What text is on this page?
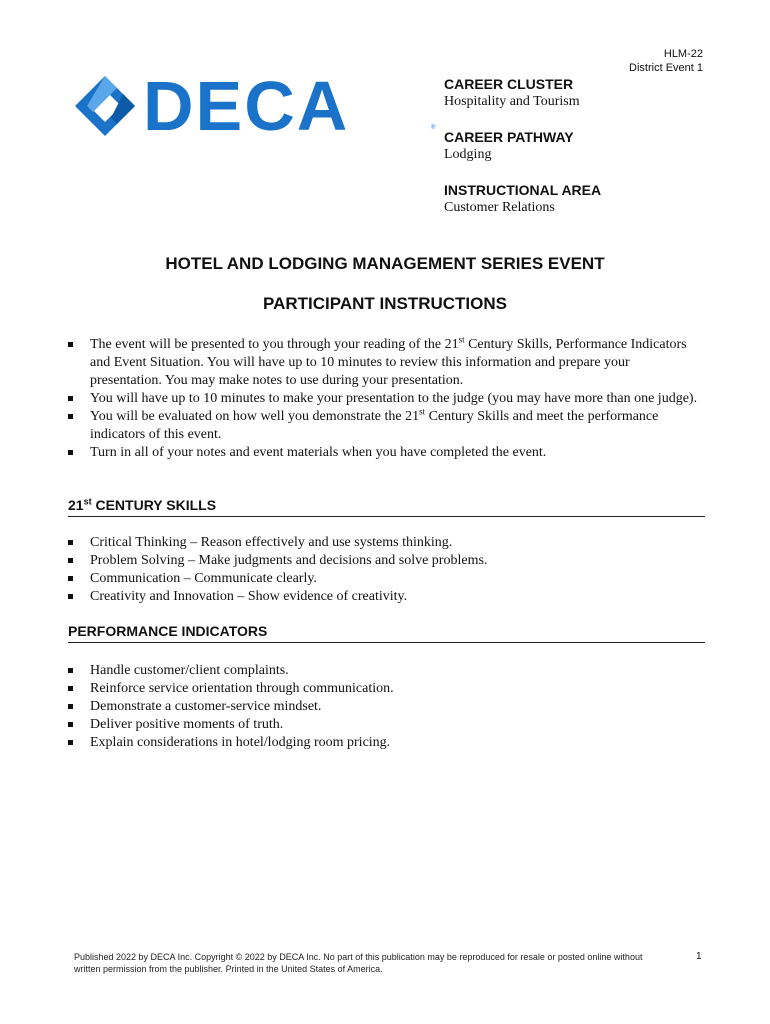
HLM-22
District Event 1
DECA	®
CAREER CLUSTER
Hospitality and Tourism
CAREER PATHWAY
Lodging
INSTRUCTIONAL AREA
Customer Relations
HOTEL AND LODGING MANAGEMENT SERIES EVENT
PARTICIPANT INSTRUCTIONS
The event will be presented to you through your reading of the 21st Century Skills, Performance Indicators and Event Situation. You will have up to 10 minutes to review this information and prepare your presentation. You may make notes to use during your presentation.
You will have up to 10 minutes to make your presentation to the judge (you may have more than one judge).
You will be evaluated on how well you demonstrate the 21st Century Skills and meet the performance indicators of this event.
Turn in all of your notes and event materials when you have completed the event.
21st CENTURY SKILLS
Critical Thinking – Reason effectively and use systems thinking.
Problem Solving – Make judgments and decisions and solve problems.
Communication – Communicate clearly.
Creativity and Innovation – Show evidence of creativity.
PERFORMANCE INDICATORS
Handle customer/client complaints.
Reinforce service orientation through communication.
Demonstrate a customer-service mindset.
Deliver positive moments of truth.
Explain considerations in hotel/lodging room pricing.
Published 2022 by DECA Inc. Copyright © 2022 by DECA Inc. No part of this publication may be reproduced for resale or posted online without written permission from the publisher. Printed in the United States of America.
1
